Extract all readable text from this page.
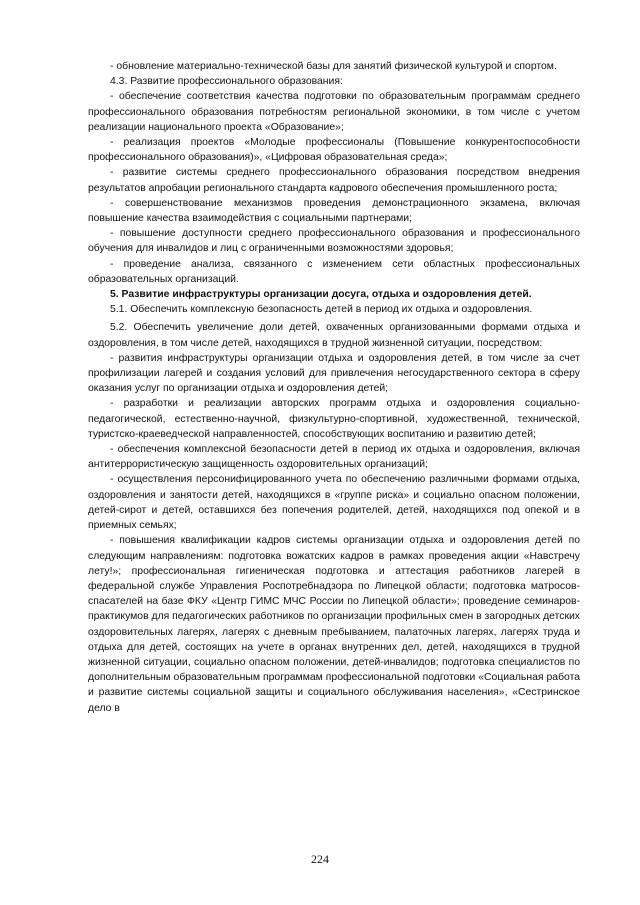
- обновление материально-технической базы для занятий физической культурой и спортом.

4.3. Развитие профессионального образования:

- обеспечение соответствия качества подготовки по образовательным программам среднего профессионального образования потребностям региональной экономики, в том числе с учетом реализации национального проекта «Образование»;

- реализация проектов «Молодые профессионалы (Повышение конкурентоспособности профессионального образования)», «Цифровая образовательная среда»;

- развитие системы среднего профессионального образования посредством внедрения результатов апробации регионального стандарта кадрового обеспечения промышленного роста;

- совершенствование механизмов проведения демонстрационного экзамена, включая повышение качества взаимодействия с социальными партнерами;

- повышение доступности среднего профессионального образования и профессионального обучения для инвалидов и лиц с ограниченными возможностями здоровья;

- проведение анализа, связанного с изменением сети областных профессиональных образовательных организаций.

5. Развитие инфраструктуры организации досуга, отдыха и оздоровления детей.

5.1. Обеспечить комплексную безопасность детей в период их отдыха и оздоровления.

5.2. Обеспечить увеличение доли детей, охваченных организованными формами отдыха и оздоровления, в том числе детей, находящихся в трудной жизненной ситуации, посредством:

- развития инфраструктуры организации отдыха и оздоровления детей, в том числе за счет профилизации лагерей и создания условий для привлечения негосударственного сектора в сферу оказания услуг по организации отдыха и оздоровления детей;

- разработки и реализации авторских программ отдыха и оздоровления социально-педагогической, естественно-научной, физкультурно-спортивной, художественной, технической, туристско-краеведческой направленностей, способствующих воспитанию и развитию детей;

- обеспечения комплексной безопасности детей в период их отдыха и оздоровления, включая антитеррористическую защищенность оздоровительных организаций;

- осуществления персонифицированного учета по обеспечению различными формами отдыха, оздоровления и занятости детей, находящихся в «группе риска» и социально опасном положении, детей-сирот и детей, оставшихся без попечения родителей, детей, находящихся под опекой и в приемных семьях;

- повышения квалификации кадров системы организации отдыха и оздоровления детей по следующим направлениям: подготовка вожатских кадров в рамках проведения акции «Навстречу лету!»; профессиональная гигиеническая подготовка и аттестация работников лагерей в федеральной службе Управления Роспотребнадзора по Липецкой области; подготовка матросов-спасателей на базе ФКУ «Центр ГИМС МЧС России по Липецкой области»; проведение семинаров-практикумов для педагогических работников по организации профильных смен в загородных детских оздоровительных лагерях, лагерях с дневным пребыванием, палаточных лагерях, лагерях труда и отдыха для детей, состоящих на учете в органах внутренних дел, детей, находящихся в трудной жизненной ситуации, социально опасном положении, детей-инвалидов; подготовка специалистов по дополнительным образовательным программам профессиональной подготовки «Социальная работа и развитие системы социальной защиты и социального обслуживания населения», «Сестринское дело в

224
